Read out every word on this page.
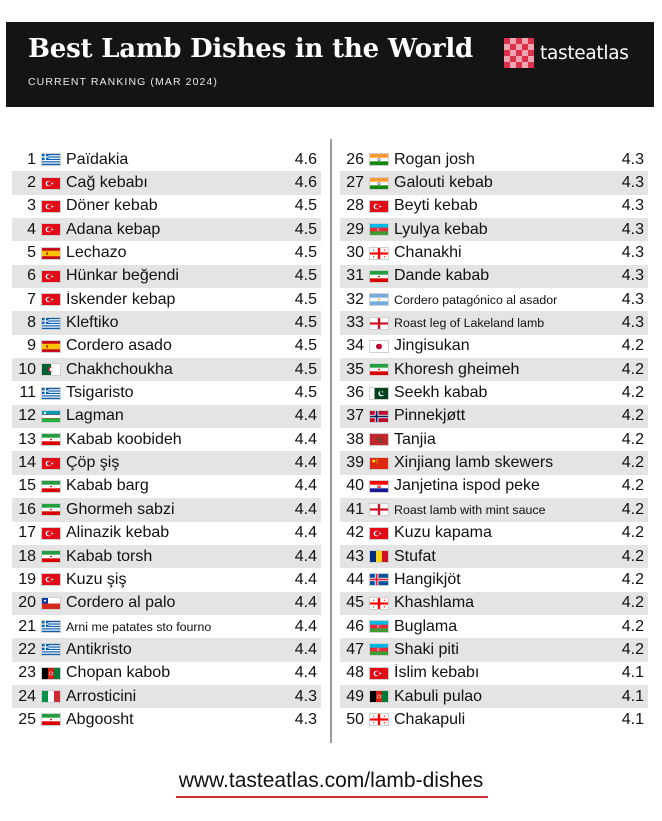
Best Lamb Dishes in the World
CURRENT RANKING (MAR 2024)
tasteatlas
1 Païdakia	4.6
2 Cağ kebabı	4.6
3 Döner kebab	4.5
4 Adana kebap	4.5
5 Lechazo	4.5
6 Hünkar beğendi	4.5
7 İskender kebap	4.5
8 Kleftiko	4.5
9 Cordero asado	4.5
10 Chakhchoukha	4.5
11 Tsigaristo	4.5
12 Lagman	4.4
13 Kabab koobideh	4.4
14 Çöp şiş	4.4
15 Kabab barg	4.4
16 Ghormeh sabzi	4.4
17 Alinazik kebab	4.4
18 Kabab torsh	4.4
19 Kuzu şiş	4.4
20 Cordero al palo	4.4
21 Arni me patates sto fourno	4.4
22 Antikristo	4.4
23 Chopan kabob	4.4
24 Arrosticini	4.3
25 Abgoosht	4.3
26 Rogan josh	4.3
27 Galouti kebab	4.3
28 Beyti kebab	4.3
29 Lyulya kebab	4.3
30 Chanakhi	4.3
31 Dande kabab	4.3
32 Cordero patagónico al asador	4.3
33 Roast leg of Lakeland lamb	4.3
34 Jingisukan	4.2
35 Khoresh gheimeh	4.2
36 Seekh kabab	4.2
37 Pinnekjøtt	4.2
38 Tanjia	4.2
39 Xinjiang lamb skewers	4.2
40 Janjetina ispod peke	4.2
41 Roast lamb with mint sauce	4.2
42 Kuzu kapama	4.2
43 Stufat	4.2
44 Hangikjöt	4.2
45 Khashlama	4.2
46 Buglama	4.2
47 Shaki piti	4.2
48 İslim kebabı	4.1
49 Kabuli pulao	4.1
50 Chakapuli	4.1
www.tasteatlas.com/lamb-dishes
